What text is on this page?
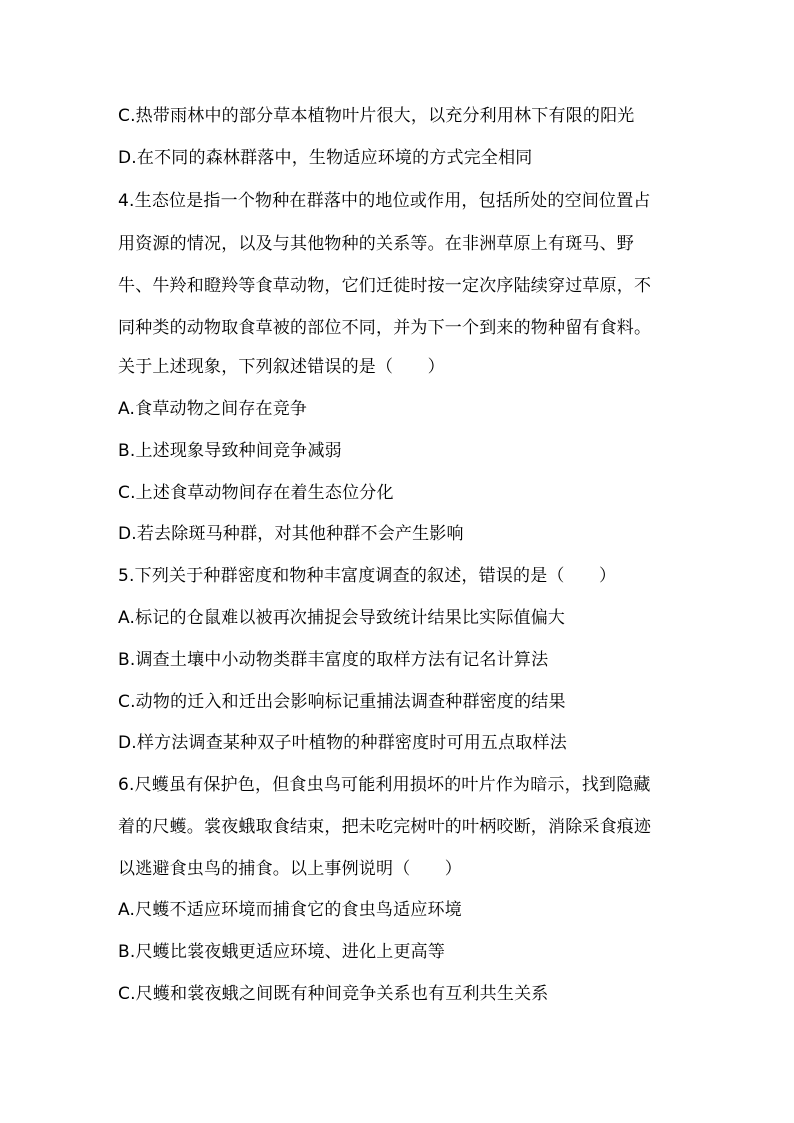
C.热带雨林中的部分草本植物叶片很大，以充分利用林下有限的阳光
D.在不同的森林群落中，生物适应环境的方式完全相同
4.生态位是指一个物种在群落中的地位或作用，包括所处的空间位置占
用资源的情况，以及与其他物种的关系等。在非洲草原上有斑马、野
牛、牛羚和瞪羚等食草动物，它们迁徙时按一定次序陆续穿过草原，不
同种类的动物取食草被的部位不同，并为下一个到来的物种留有食料。
关于上述现象，下列叙述错误的是（　　）
A.食草动物之间存在竞争
B.上述现象导致种间竞争减弱
C.上述食草动物间存在着生态位分化
D.若去除斑马种群，对其他种群不会产生影响
5.下列关于种群密度和物种丰富度调查的叙述，错误的是（　　）
A.标记的仓鼠难以被再次捕捉会导致统计结果比实际值偏大
B.调查土壤中小动物类群丰富度的取样方法有记名计算法
C.动物的迁入和迁出会影响标记重捕法调查种群密度的结果
D.样方法调查某种双子叶植物的种群密度时可用五点取样法
6.尺蠖虽有保护色，但食虫鸟可能利用损坏的叶片作为暗示，找到隐藏
着的尺蠖。裳夜蛾取食结束，把未吃完树叶的叶柄咬断，消除采食痕迹
以逃避食虫鸟的捕食。以上事例说明（　　）
A.尺蠖不适应环境而捕食它的食虫鸟适应环境
B.尺蠖比裳夜蛾更适应环境、进化上更高等
C.尺蠖和裳夜蛾之间既有种间竞争关系也有互利共生关系
